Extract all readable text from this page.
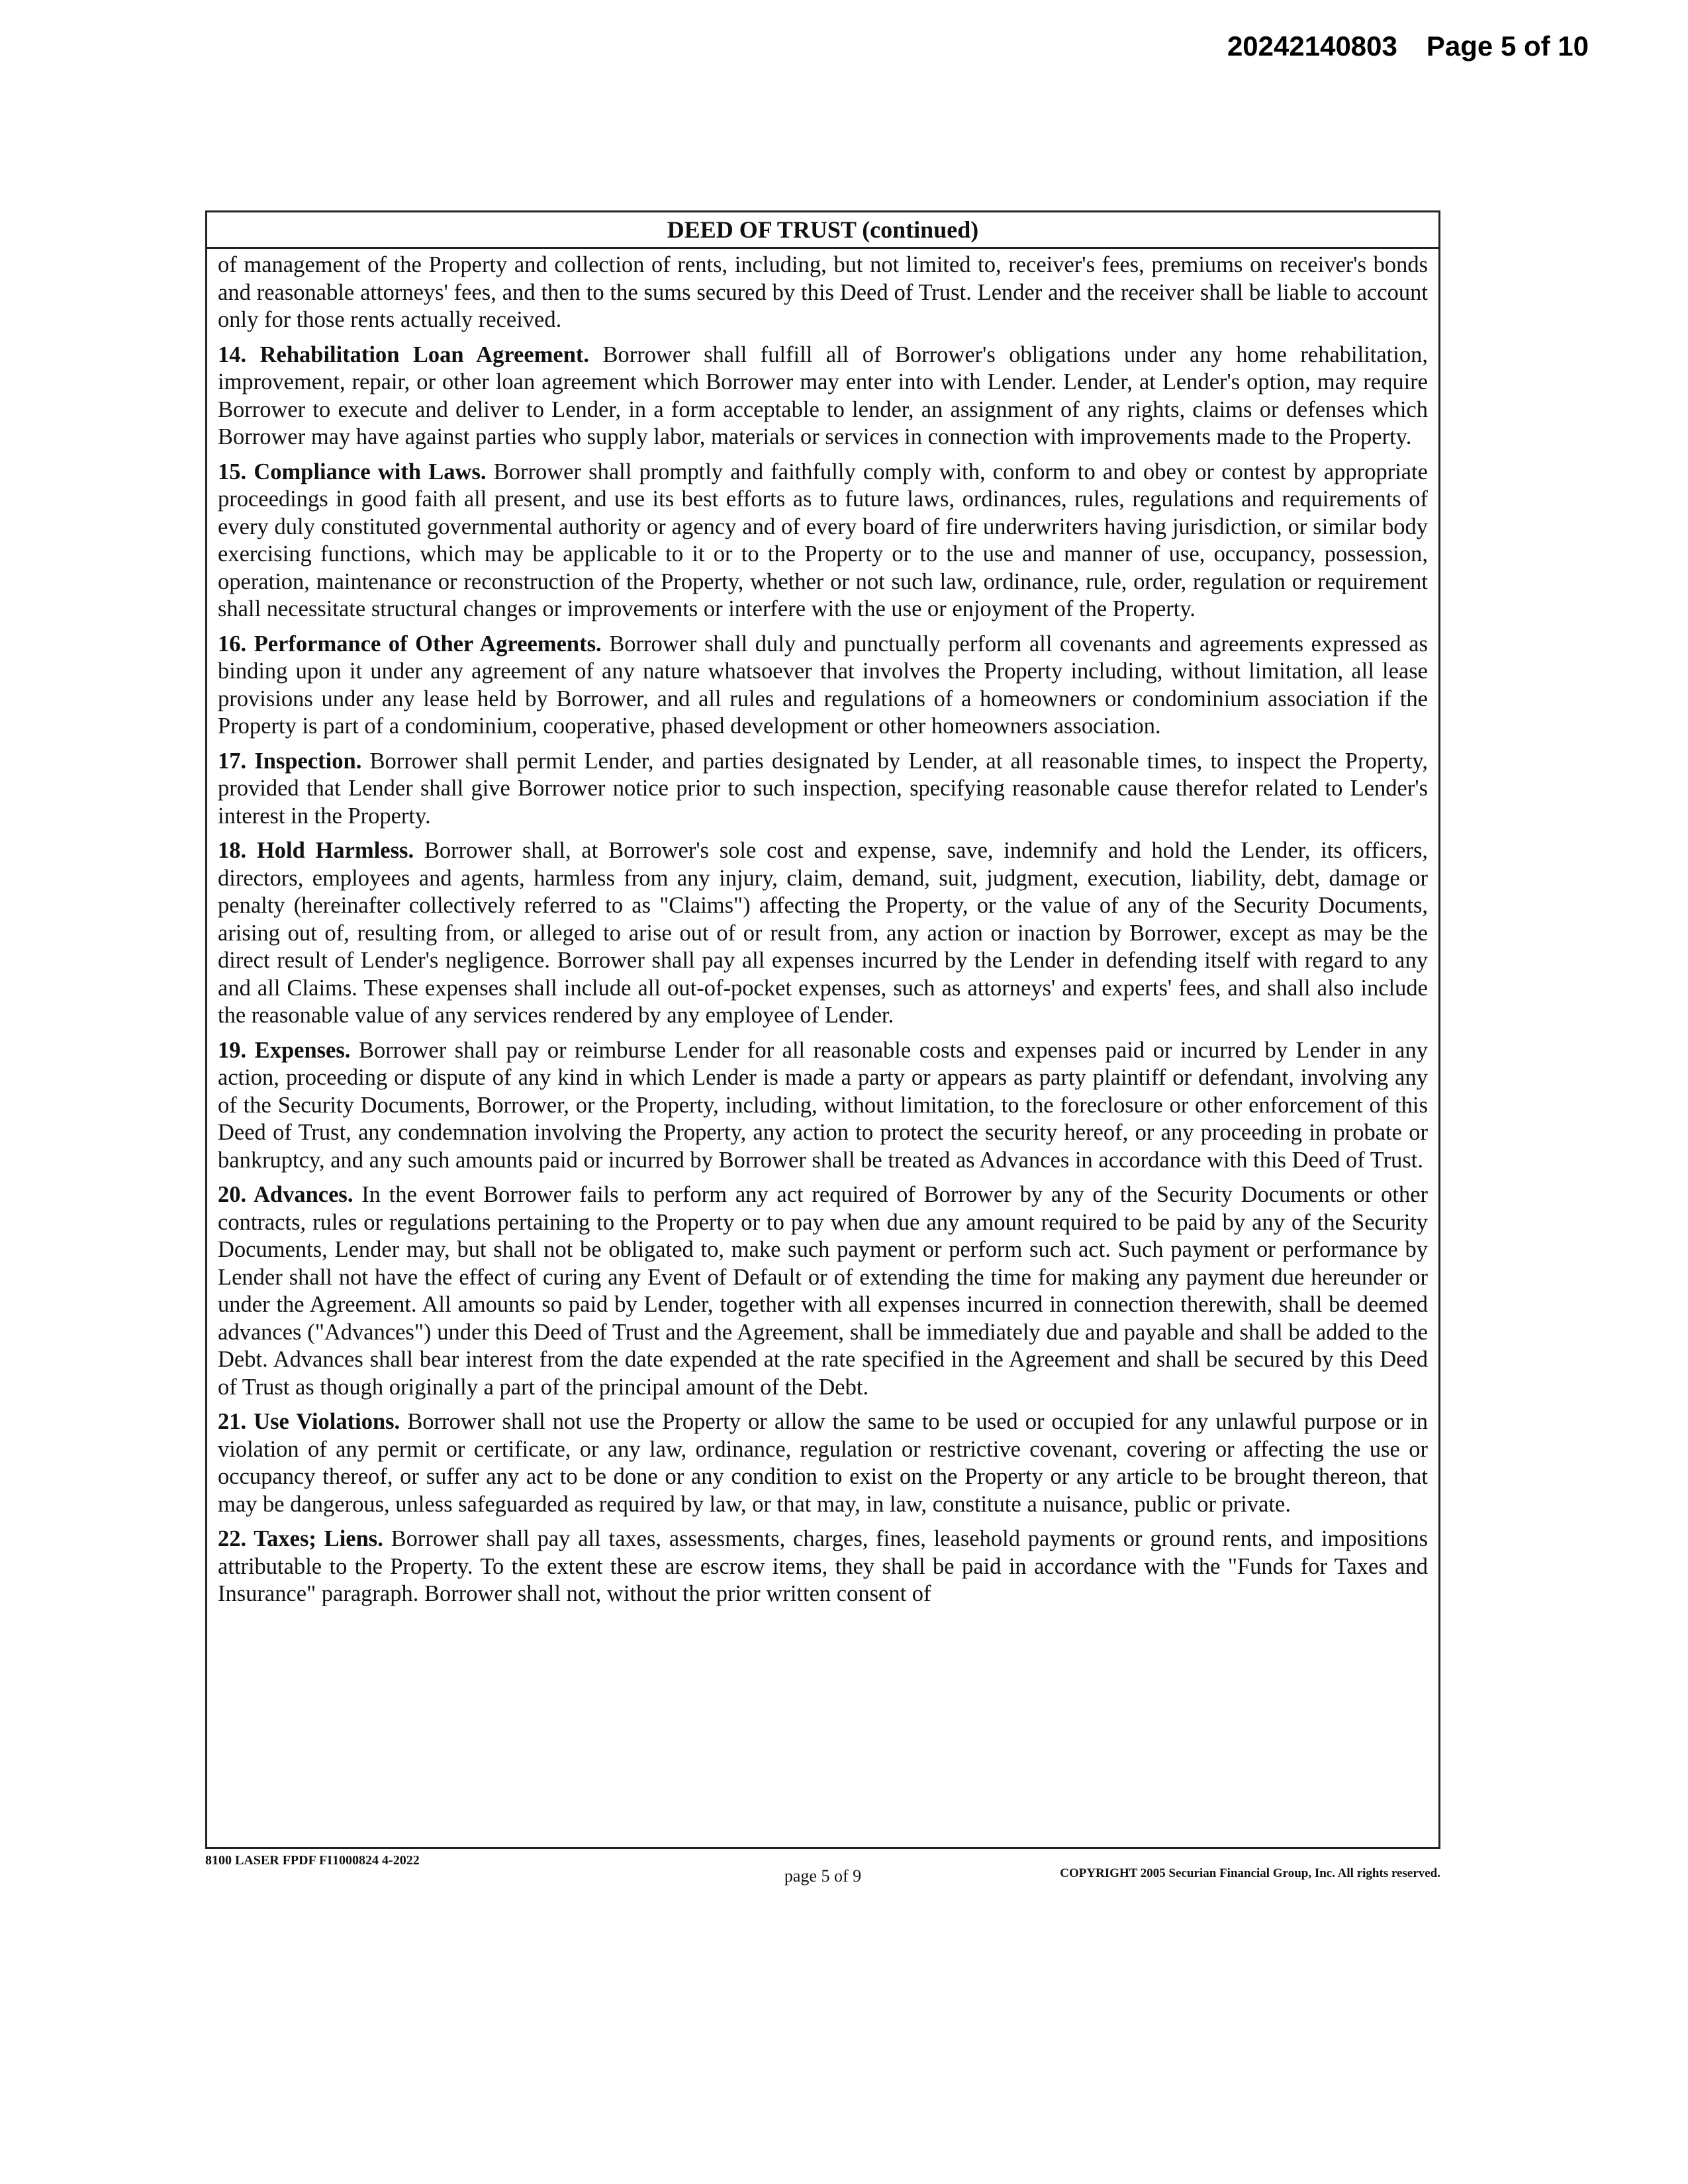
20242140803 Page 5 of 10
DEED OF TRUST (continued)

of management of the Property and collection of rents, including, but not limited to, receiver's fees, premiums on receiver's bonds and reasonable attorneys' fees, and then to the sums secured by this Deed of Trust. Lender and the receiver shall be liable to account only for those rents actually received.

14. Rehabilitation Loan Agreement. Borrower shall fulfill all of Borrower's obligations under any home rehabilitation, improvement, repair, or other loan agreement which Borrower may enter into with Lender. Lender, at Lender's option, may require Borrower to execute and deliver to Lender, in a form acceptable to lender, an assignment of any rights, claims or defenses which Borrower may have against parties who supply labor, materials or services in connection with improvements made to the Property.

15. Compliance with Laws. Borrower shall promptly and faithfully comply with, conform to and obey or contest by appropriate proceedings in good faith all present, and use its best efforts as to future laws, ordinances, rules, regulations and requirements of every duly constituted governmental authority or agency and of every board of fire underwriters having jurisdiction, or similar body exercising functions, which may be applicable to it or to the Property or to the use and manner of use, occupancy, possession, operation, maintenance or reconstruction of the Property, whether or not such law, ordinance, rule, order, regulation or requirement shall necessitate structural changes or improvements or interfere with the use or enjoyment of the Property.

16. Performance of Other Agreements. Borrower shall duly and punctually perform all covenants and agreements expressed as binding upon it under any agreement of any nature whatsoever that involves the Property including, without limitation, all lease provisions under any lease held by Borrower, and all rules and regulations of a homeowners or condominium association if the Property is part of a condominium, cooperative, phased development or other homeowners association.

17. Inspection. Borrower shall permit Lender, and parties designated by Lender, at all reasonable times, to inspect the Property, provided that Lender shall give Borrower notice prior to such inspection, specifying reasonable cause therefor related to Lender's interest in the Property.

18. Hold Harmless. Borrower shall, at Borrower's sole cost and expense, save, indemnify and hold the Lender, its officers, directors, employees and agents, harmless from any injury, claim, demand, suit, judgment, execution, liability, debt, damage or penalty (hereinafter collectively referred to as "Claims") affecting the Property, or the value of any of the Security Documents, arising out of, resulting from, or alleged to arise out of or result from, any action or inaction by Borrower, except as may be the direct result of Lender's negligence. Borrower shall pay all expenses incurred by the Lender in defending itself with regard to any and all Claims. These expenses shall include all out-of-pocket expenses, such as attorneys' and experts' fees, and shall also include the reasonable value of any services rendered by any employee of Lender.

19. Expenses. Borrower shall pay or reimburse Lender for all reasonable costs and expenses paid or incurred by Lender in any action, proceeding or dispute of any kind in which Lender is made a party or appears as party plaintiff or defendant, involving any of the Security Documents, Borrower, or the Property, including, without limitation, to the foreclosure or other enforcement of this Deed of Trust, any condemnation involving the Property, any action to protect the security hereof, or any proceeding in probate or bankruptcy, and any such amounts paid or incurred by Borrower shall be treated as Advances in accordance with this Deed of Trust.

20. Advances. In the event Borrower fails to perform any act required of Borrower by any of the Security Documents or other contracts, rules or regulations pertaining to the Property or to pay when due any amount required to be paid by any of the Security Documents, Lender may, but shall not be obligated to, make such payment or perform such act. Such payment or performance by Lender shall not have the effect of curing any Event of Default or of extending the time for making any payment due hereunder or under the Agreement. All amounts so paid by Lender, together with all expenses incurred in connection therewith, shall be deemed advances ("Advances") under this Deed of Trust and the Agreement, shall be immediately due and payable and shall be added to the Debt. Advances shall bear interest from the date expended at the rate specified in the Agreement and shall be secured by this Deed of Trust as though originally a part of the principal amount of the Debt.

21. Use Violations. Borrower shall not use the Property or allow the same to be used or occupied for any unlawful purpose or in violation of any permit or certificate, or any law, ordinance, regulation or restrictive covenant, covering or affecting the use or occupancy thereof, or suffer any act to be done or any condition to exist on the Property or any article to be brought thereon, that may be dangerous, unless safeguarded as required by law, or that may, in law, constitute a nuisance, public or private.

22. Taxes; Liens. Borrower shall pay all taxes, assessments, charges, fines, leasehold payments or ground rents, and impositions attributable to the Property. To the extent these are escrow items, they shall be paid in accordance with the "Funds for Taxes and Insurance" paragraph. Borrower shall not, without the prior written consent of

8100 LASER FPDF FI1000824 4-2022
page 5 of 9	COPYRIGHT 2005 Securian Financial Group, Inc. All rights reserved.
